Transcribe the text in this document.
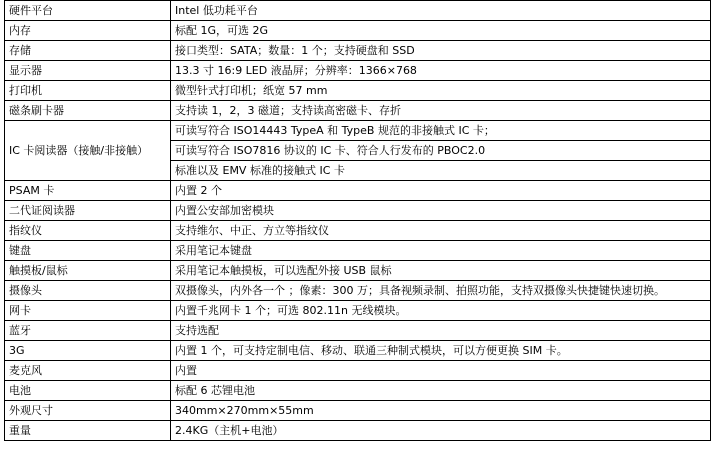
硬件平台	Intel 低功耗平台
内存	标配 1G，可选 2G
存储	接口类型：SATA；数量：1 个；支持硬盘和 SSD
显示器	13.3 寸 16:9 LED 液晶屏；分辨率：1366×768
打印机	微型针式打印机；纸宽 57 mm
磁条刷卡器	支持读 1，2，3 磁道；支持读高密磁卡、存折
IC 卡阅读器（接触/非接触）	可读写符合 ISO14443 TypeA 和 TypeB 规范的非接触式 IC 卡；
	可读写符合 ISO7816 协议的 IC 卡、符合人行发布的 PBOC2.0
	标准以及 EMV 标准的接触式 IC 卡
PSAM 卡	内置 2 个
二代证阅读器	内置公安部加密模块
指纹仪	支持维尔、中正、方立等指纹仪
键盘	采用笔记本键盘
触摸板/鼠标	采用笔记本触摸板，可以选配外接 USB 鼠标
摄像头	双摄像头，内外各一个 ；像素：300 万；具备视频录制、拍照功能，支持双摄像头快捷键快速切换。
网卡	内置千兆网卡 1 个；可选 802.11n 无线模块。
蓝牙	支持选配
3G	内置 1 个，可支持定制电信、移动、联通三种制式模块，可以方便更换 SIM 卡。
麦克风	内置
电池	标配 6 芯锂电池
外观尺寸	340mm×270mm×55mm
重量	2.4KG（主机+电池）
